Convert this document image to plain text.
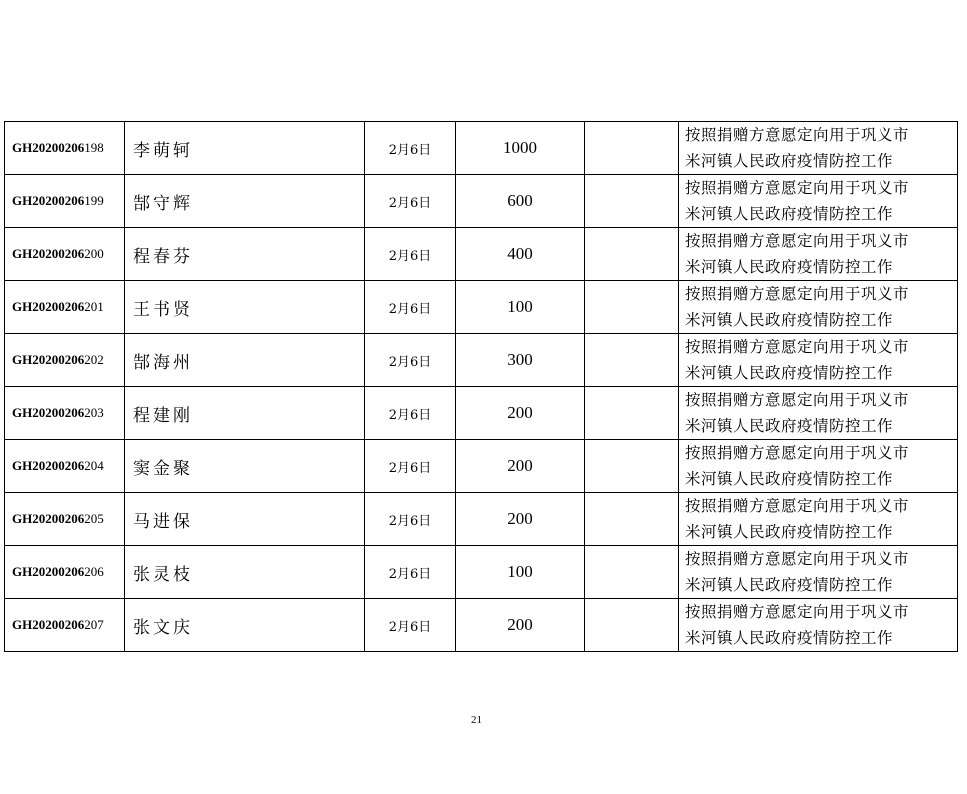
GH20200206198	李萌轲	2月6日	1000		按照捐赠方意愿定向用于巩义市
米河镇人民政府疫情防控工作

GH20200206199	郜守辉	2月6日	600		按照捐赠方意愿定向用于巩义市
米河镇人民政府疫情防控工作

GH20200206200	程春芬	2月6日	400		按照捐赠方意愿定向用于巩义市
米河镇人民政府疫情防控工作

GH20200206201	王书贤	2月6日	100		按照捐赠方意愿定向用于巩义市
米河镇人民政府疫情防控工作

GH20200206202	郜海州	2月6日	300		按照捐赠方意愿定向用于巩义市
米河镇人民政府疫情防控工作

GH20200206203	程建刚	2月6日	200		按照捐赠方意愿定向用于巩义市
米河镇人民政府疫情防控工作

GH20200206204	窦金聚	2月6日	200		按照捐赠方意愿定向用于巩义市
米河镇人民政府疫情防控工作

GH20200206205	马进保	2月6日	200		按照捐赠方意愿定向用于巩义市
米河镇人民政府疫情防控工作

GH20200206206	张灵枝	2月6日	100		按照捐赠方意愿定向用于巩义市
米河镇人民政府疫情防控工作

GH20200206207	张文庆	2月6日	200		按照捐赠方意愿定向用于巩义市
米河镇人民政府疫情防控工作
21
